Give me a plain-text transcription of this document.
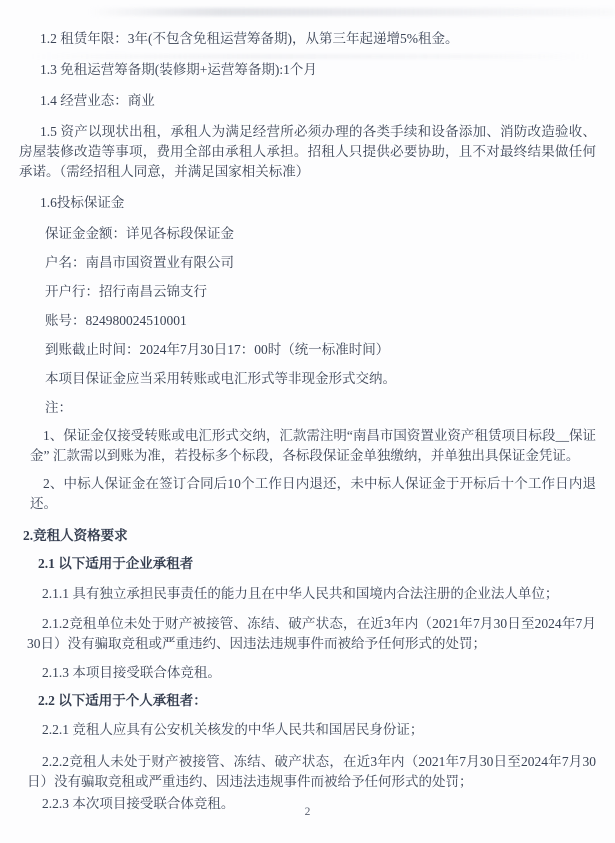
1.2 租赁年限：3年(不包含免租运营筹备期)，从第三年起递增5%租金。

1.3 免租运营筹备期(装修期+运营筹备期):1个月

1.4 经营业态：商业

1.5 资产以现状出租，承租人为满足经营所必须办理的各类手续和设备添加、消防改造验收、房屋装修改造等事项，费用全部由承租人承担。招租人只提供必要协助，且不对最终结果做任何承诺。（需经招租人同意，并满足国家相关标准）

1.6投标保证金

保证金金额：详见各标段保证金

户名：南昌市国资置业有限公司

开户行：招行南昌云锦支行

账号：824980024510001

到账截止时间：2024年7月30日17：00时（统一标准时间）

本项目保证金应当采用转账或电汇形式等非现金形式交纳。

注：

1、保证金仅接受转账或电汇形式交纳，汇款需注明“南昌市国资置业资产租赁项目标段__保证金” 汇款需以到账为准，若投标多个标段，各标段保证金单独缴纳，并单独出具保证金凭证。

2、中标人保证金在签订合同后10个工作日内退还，未中标人保证金于开标后十个工作日内退还。

2.竞租人资格要求

2.1 以下适用于企业承租者

2.1.1 具有独立承担民事责任的能力且在中华人民共和国境内合法注册的企业法人单位；

2.1.2竞租单位未处于财产被接管、冻结、破产状态，在近3年内（2021年7月30日至2024年7月30日）没有骗取竞租或严重违约、因违法违规事件而被给予任何形式的处罚；

2.1.3 本项目接受联合体竞租。

2.2 以下适用于个人承租者：

2.2.1 竞租人应具有公安机关核发的中华人民共和国居民身份证；

2.2.2竞租人未处于财产被接管、冻结、破产状态，在近3年内（2021年7月30日至2024年7月30日）没有骗取竞租或严重违约、因违法违规事件而被给予任何形式的处罚；

2.2.3 本次项目接受联合体竞租。

2
